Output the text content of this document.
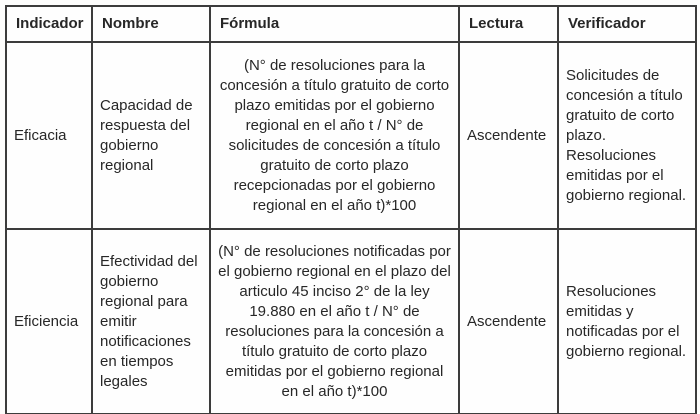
Indicador	Nombre	Fórmula	Lectura	Verificador
Eficacia	Capacidad de respuesta del gobierno regional	(N° de resoluciones para la concesión a título gratuito de corto plazo emitidas por el gobierno regional en el año t / N° de solicitudes de concesión a título gratuito de corto plazo recepcionadas por el gobierno regional en el año t)*100	Ascendente	Solicitudes de concesión a título gratuito de corto plazo. Resoluciones emitidas por el gobierno regional.
Eficiencia	Efectividad del gobierno regional para emitir notificaciones en tiempos legales	(N° de resoluciones notificadas por el gobierno regional en el plazo del articulo 45 inciso 2° de la ley 19.880 en el año t / N° de resoluciones para la concesión a título gratuito de corto plazo emitidas por el gobierno regional en el año t)*100	Ascendente	Resoluciones emitidas y notificadas por el gobierno regional.
